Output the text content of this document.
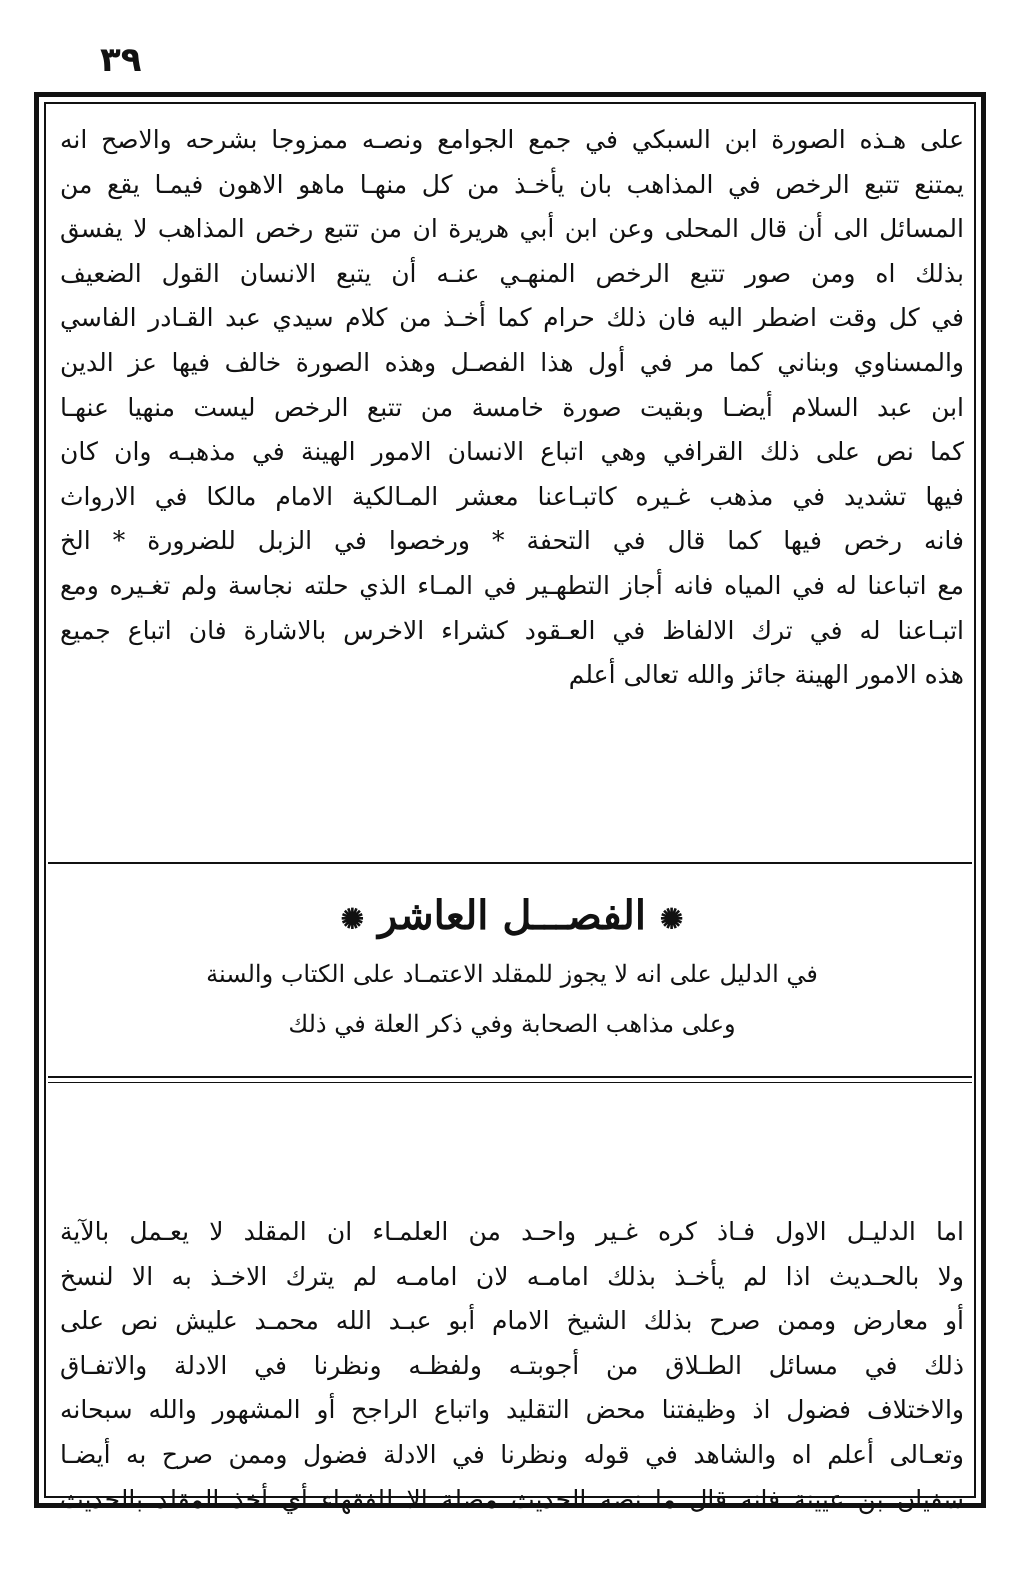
٣٩
على هـذه الصورة ابن السبكي في جمع الجوامع ونصـه ممزوجا بشرحه والاصح انه
يمتنع تتبع الرخص في المذاهب بان يأخـذ من كل منهـا ماهو الاهون فيمـا يقع من
المسائل الى أن قال المحلى وعن ابن أبي هريرة ان من تتبع رخص المذاهب لا يفسق
بذلك اه ومن صور تتبع الرخص المنهـي عنـه أن يتبع الانسان القول الضعيف
في كل وقت اضطر اليه فان ذلك حرام كما أخـذ من كلام سيدي عبد القـادر الفاسي
والمسناوي وبناني كما مر في أول هذا الفصـل وهذه الصورة خالف فيها عز الدين
ابن عبد السلام أيضـا وبقيت صورة خامسة من تتبع الرخص ليست منهيا عنهـا
كما نص على ذلك القرافي وهي اتباع الانسان الامور الهينة في مذهبـه وان كان
فيها تشديد في مذهب غـيره كاتبـاعنا معشر المـالكية الامام مالكا في الارواث
فانه رخص فيها كما قال في التحفة * ورخصوا في الزبل للضرورة * الخ
مع اتباعنا له في المياه فانه أجاز التطهـير في المـاء الذي حلته نجاسة ولم تغـيره ومع
اتبـاعنا له في ترك الالفاظ في العـقود كشراء الاخرس بالاشارة فان اتباع جميع
هذه الامور الهينة جائز والله تعالى أعلم
✺ الفصـــل العاشر ✺
في الدليل على انه لا يجوز للمقلد الاعتمـاد على الكتاب والسنة
وعلى مذاهب الصحابة وفي ذكر العلة في ذلك
اما الدليـل الاول فـاذ كره غـير واحـد من العلمـاء ان المقلد لا يعـمل بالآية
ولا بالحـديث اذا لم يأخـذ بذلك امامـه لان امامـه لم يترك الاخـذ به الا لنسخ
أو معارض وممن صرح بذلك الشيخ الامام أبو عبـد الله محمـد عليش نص على
ذلك في مسائل الطـلاق من أجوبتـه ولفظـه ونظرنا في الادلة والاتفـاق
والاختلاف فضول اذ وظيفتنا محض التقليد واتباع الراجح أو المشهور والله سبحانه
وتعـالى أعلم اه والشاهد في قوله ونظرنا في الادلة فضول وممن صرح به أيضـا
سفيان بن عيينة فانه قال ما نصه الحديث مضلة الا للفقهاء أي أخذ المقلد بالحديث
